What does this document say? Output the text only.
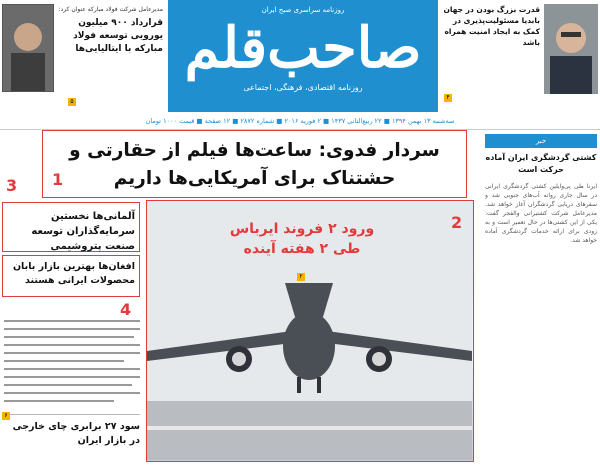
روزنامه سراسری صبح ایران
صاحب‌قلم
روزنامه اقتصادی، فرهنگی، اجتماعی
مدیرعامل شرکت فولاد مبارکه عنوان کرد:
قرارداد ۹۰۰ میلیون یورویی توسعه فولاد مبارکه با ایتالیایی‌ها
۵
قدرت بزرگ بودن در جهان بابدیا مسئولیت‌پذیری در کمک به ایجاد امنیت همراه باشد
۴
سه‌شنبه ۱۳ بهمن ۱۳۹۴ ■ ۲۲ ربیع‌الثانی ۱۴۳۷ ■ ۲ فوریه ۲۰۱۶ ■ شماره ۲۸۷۲ ■ ۱۲ صفحه ■ قیمت ۱۰۰۰ تومان
سردار فدوی: ساعت‌ها فیلم از حقارتی و حشتناک برای آمریکایی‌ها داریم
1
3
آلمانی‌ها نخستین سرمایه‌گذاران توسعه صنعت پتروشیمی
افغان‌ها بهترین بازار بابان محصولات ایرانی هستند
4
سود ۲۷ برابری چای خارجی در بازار ایران
۶
ورود ۲ فروند ایرباس
طی ۲ هفته آینده
۲
2
خبر
کشتی گردشگری ایران آماده حرکت است
ایرنا طی پی‌وایلین کشتی گردشگری ایرانی در سال جاری روانه آب‌های جنوبی شد و سفرهای دریایی گردشگران آغاز خواهد شد. مدیرعامل شرکت کشتیرانی والفجر گفت: یکی از این کشتی‌ها در حال تعمیر است و به زودی برای ارائه خدمات گردشگری آماده خواهد شد.
